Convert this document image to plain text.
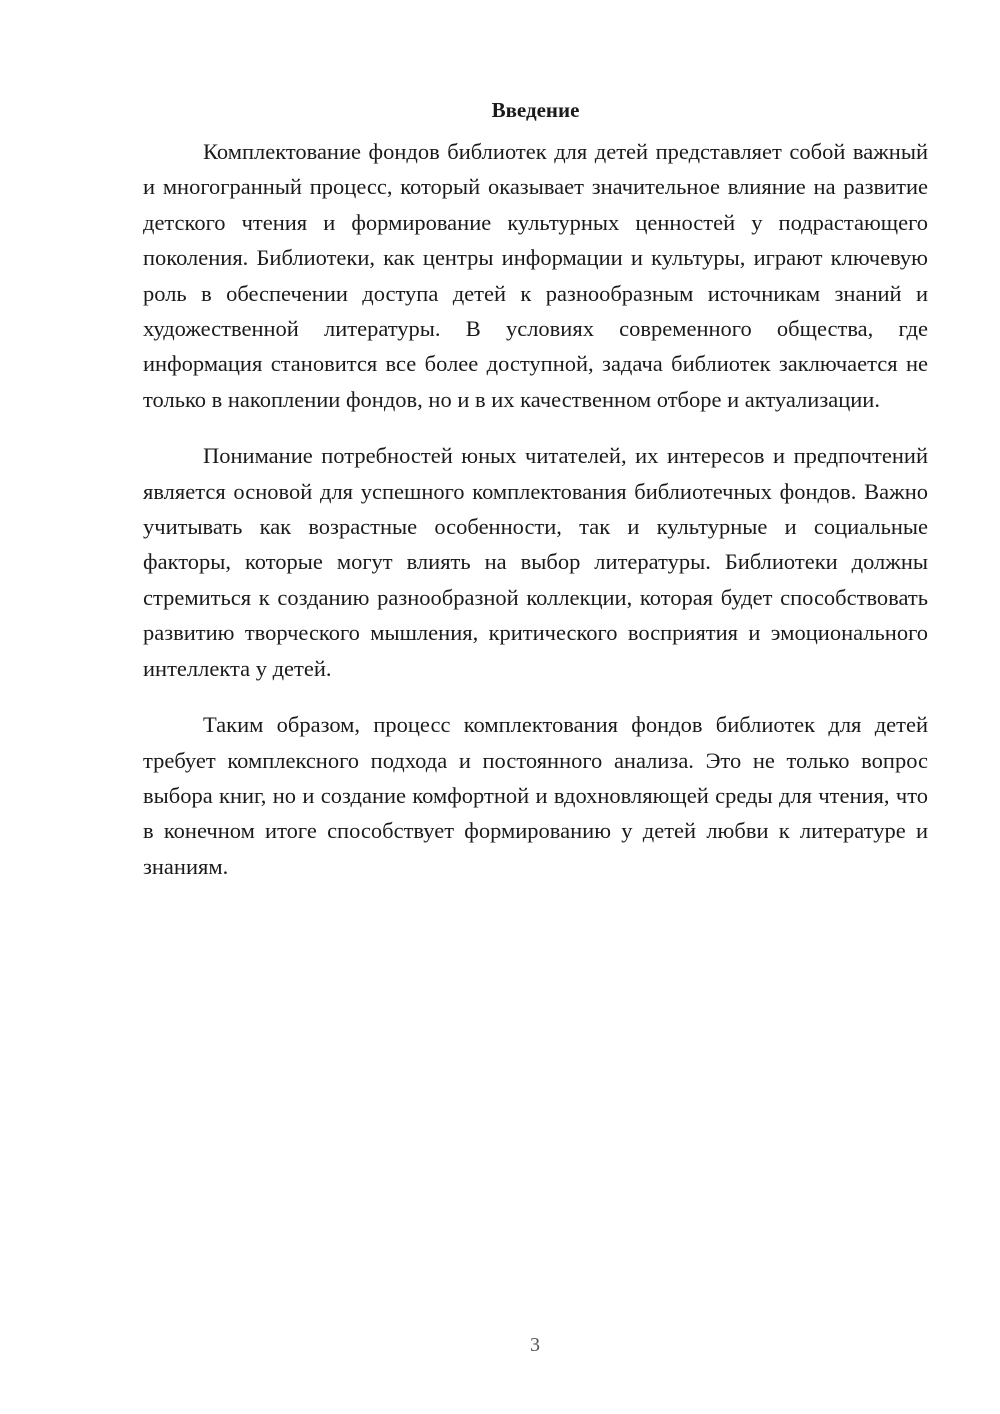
Введение

Комплектование фондов библиотек для детей представляет собой важный и многогранный процесс, который оказывает значительное влияние на развитие детского чтения и формирование культурных ценностей у подрастающего поколения. Библиотеки, как центры информации и культуры, играют ключевую роль в обеспечении доступа детей к разнообразным источникам знаний и художественной литературы. В условиях современного общества, где информация становится все более доступной, задача библиотек заключается не только в накоплении фондов, но и в их качественном отборе и актуализации.

Понимание потребностей юных читателей, их интересов и предпочтений является основой для успешного комплектования библиотечных фондов. Важно учитывать как возрастные особенности, так и культурные и социальные факторы, которые могут влиять на выбор литературы. Библиотеки должны стремиться к созданию разнообразной коллекции, которая будет способствовать развитию творческого мышления, критического восприятия и эмоционального интеллекта у детей.

Таким образом, процесс комплектования фондов библиотек для детей требует комплексного подхода и постоянного анализа. Это не только вопрос выбора книг, но и создание комфортной и вдохновляющей среды для чтения, что в конечном итоге способствует формированию у детей любви к литературе и знаниям.

3
